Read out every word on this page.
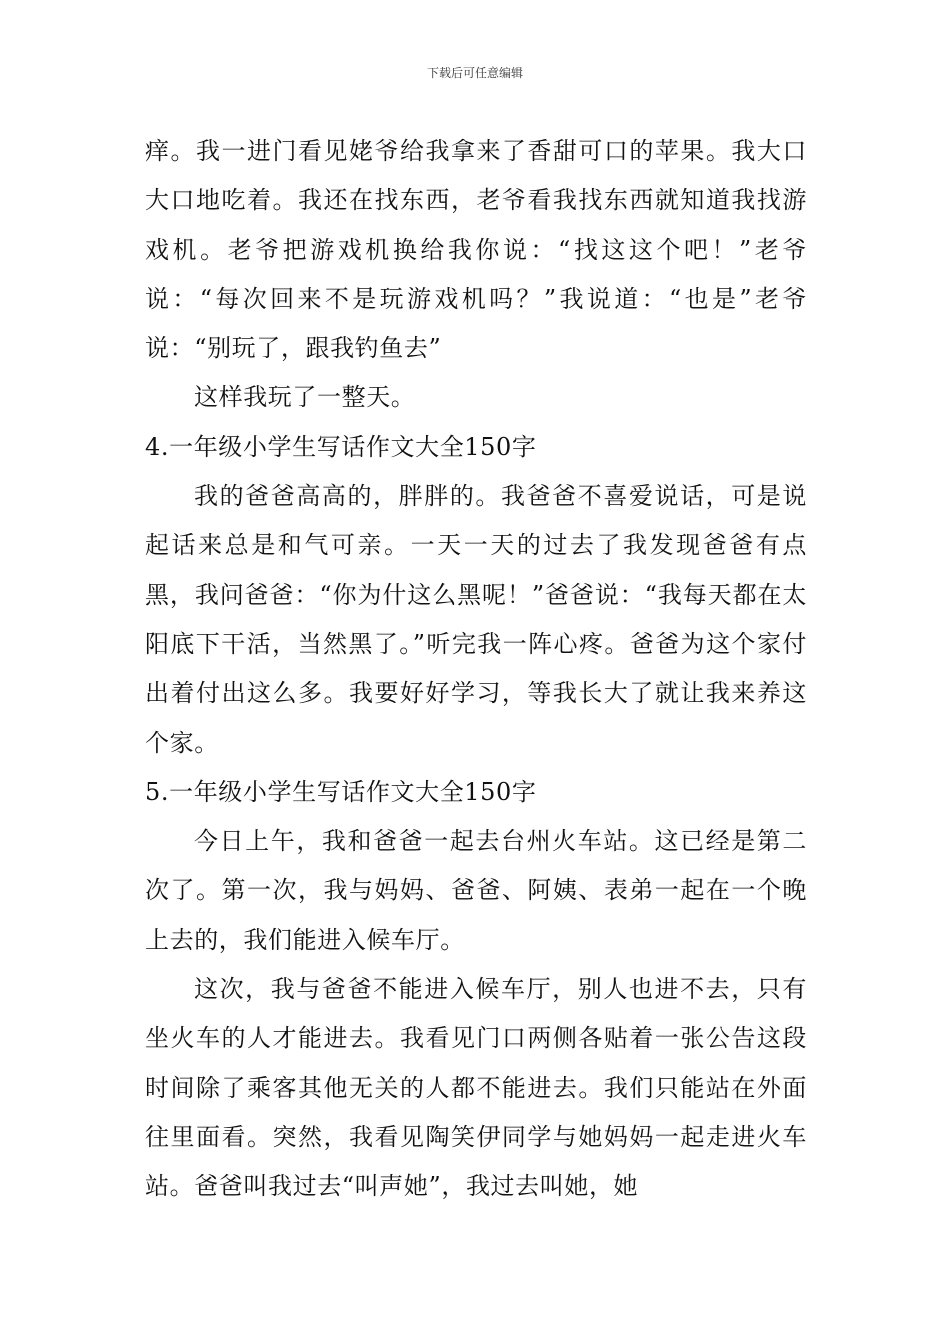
下载后可任意编辑

痒。我一进门看见姥爷给我拿来了香甜可口的苹果。我大口大口地吃着。我还在找东西，老爷看我找东西就知道我找游戏机。老爷把游戏机换给我你说：“找这这个吧！”老爷说：“每次回来不是玩游戏机吗？”我说道：“也是”老爷说：“别玩了，跟我钓鱼去”

这样我玩了一整天。

4.一年级小学生写话作文大全150字

我的爸爸高高的，胖胖的。我爸爸不喜爱说话，可是说起话来总是和气可亲。一天一天的过去了我发现爸爸有点黑，我问爸爸：“你为什这么黑呢！”爸爸说：“我每天都在太阳底下干活，当然黑了。”听完我一阵心疼。爸爸为这个家付出着付出这么多。我要好好学习，等我长大了就让我来养这个家。

5.一年级小学生写话作文大全150字

今日上午，我和爸爸一起去台州火车站。这已经是第二次了。第一次，我与妈妈、爸爸、阿姨、表弟一起在一个晚上去的，我们能进入候车厅。

这次，我与爸爸不能进入候车厅，别人也进不去，只有坐火车的人才能进去。我看见门口两侧各贴着一张公告这段时间除了乘客其他无关的人都不能进去。我们只能站在外面往里面看。突然，我看见陶笑伊同学与她妈妈一起走进火车站。爸爸叫我过去“叫声她”，我过去叫她，她
